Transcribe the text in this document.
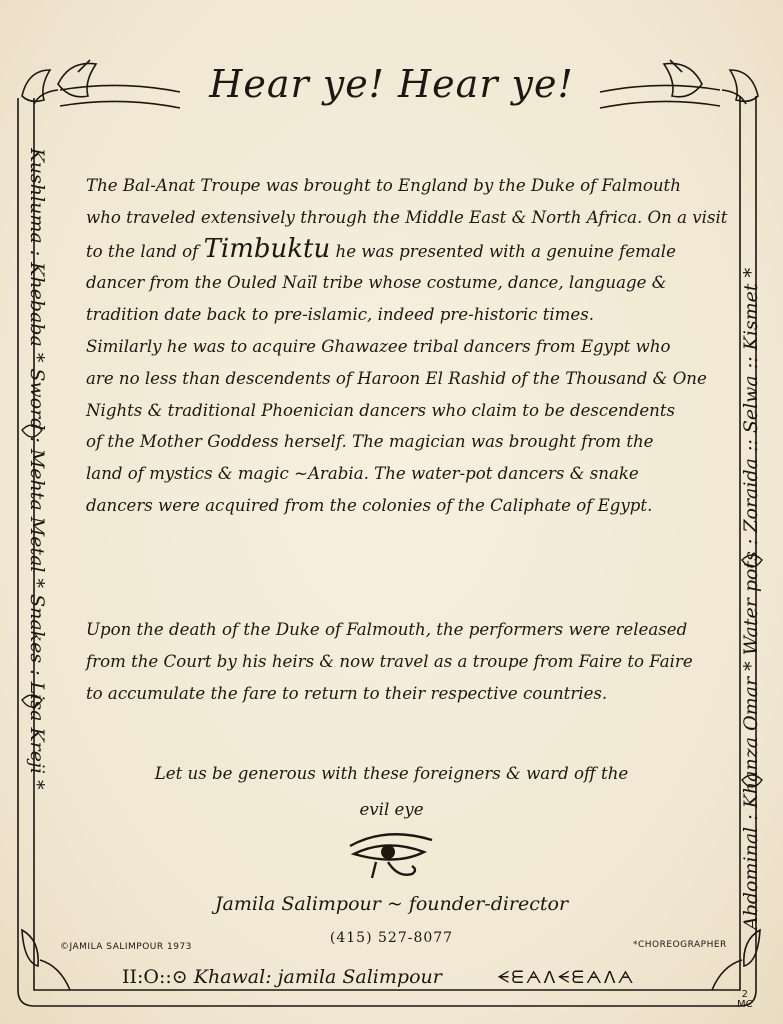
Hear ye! Hear ye!
The Bal-Anat Troupe was brought to England by the Duke of Falmouth
who traveled extensively through the Middle East & North Africa. On a visit
to the land of Timbuktu he was presented with a genuine female
dancer from the Ouled Naïl tribe whose costume, dance, language &
tradition date back to pre-islamic, indeed pre-historic times.
Similarly he was to acquire Ghawazee tribal dancers from Egypt who
are no less than descendents of Haroon El Rashid of the Thousand & One
Nights & traditional Phoenician dancers who claim to be descendents
of the Mother Goddess herself. The magician was brought from the
land of mystics & magic ~Arabia. The water-pot dancers & snake
dancers were acquired from the colonies of the Caliphate of Egypt.
Upon the death of the Duke of Falmouth, the performers were released
from the Court by his heirs & now travel as a troupe from Faire to Faire
to accumulate the fare to return to their respective countries.
Let us be generous with these foreigners & ward off the
evil eye
Jamila Salimpour ~ founder-director
(415) 527-8077
©JAMILA SALIMPOUR 1973	*CHOREOGRAPHER
II:O::⊙ Khawal: jamila Salimpour	ᗕᗴᗅᐱᗕᗴᗅᐱᗅ
2
MC
Kushluma : Khebaba * Sword : Mehta Metal * Snakes : Lisa Kreji *	Abdominal : Khanza Omar * Water pots : Zoraida :: Selwa :: Kismet *
